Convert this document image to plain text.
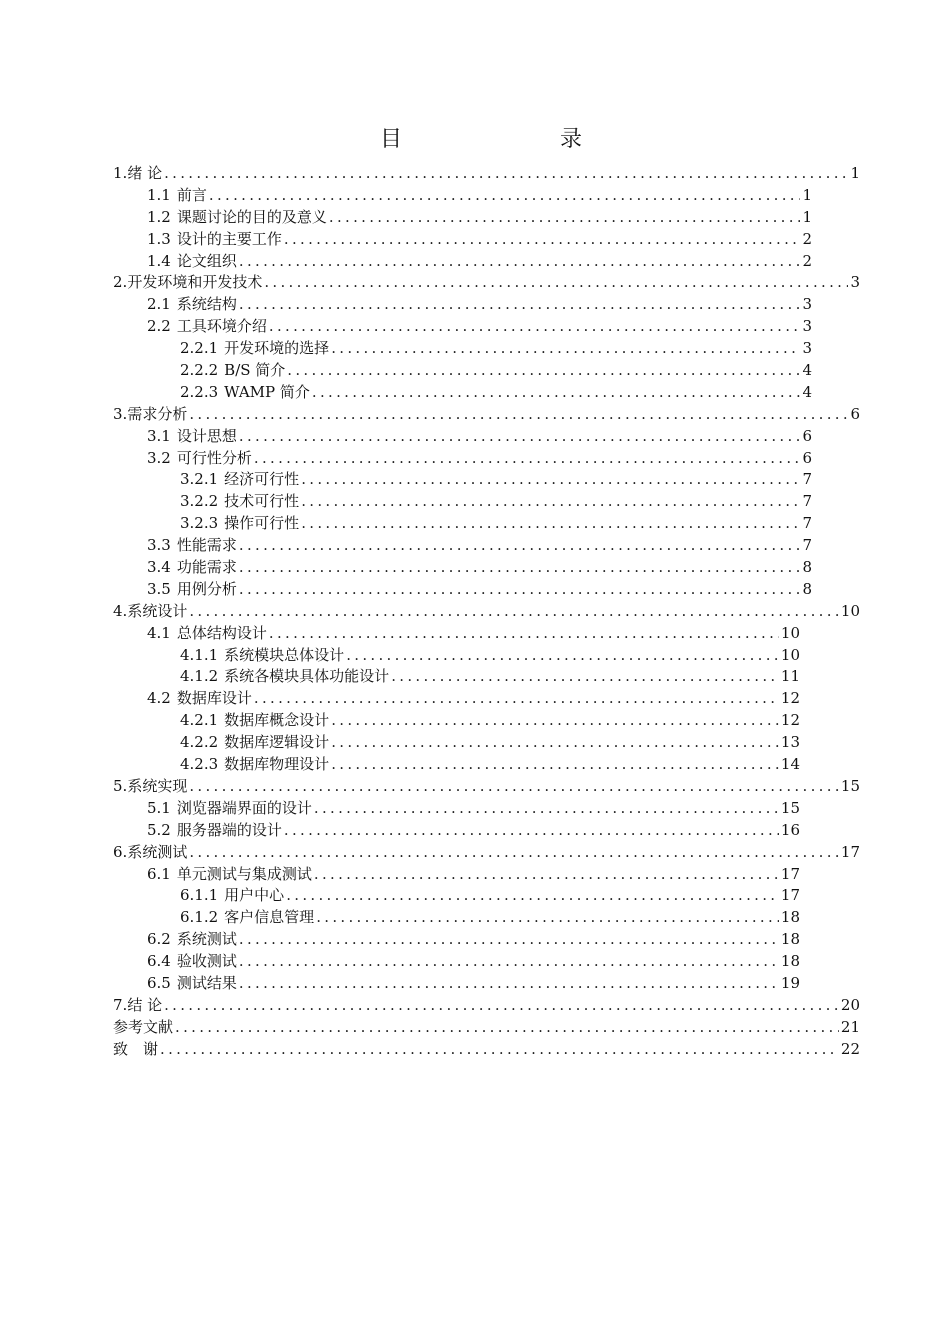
目　　录
1. 绪 论 .....	1
1.1 前言 .....	1
1.2 课题讨论的目的及意义 .....	1
1.3 设计的主要工作 .....	2
1.4 论文组织 .....	2
2. 开发环境和开发技术 .....	3
2.1 系统结构 .....	3
2.2 工具环境介绍 .....	3
2.2.1 开发环境的选择 .....	3
2.2.2 B/S 简介 .....	4
2.2.3 WAMP 简介 .....	4
3. 需求分析 .....	6
3.1 设计思想 .....	6
3.2 可行性分析 .....	6
3.2.1 经济可行性 .....	7
3.2.2 技术可行性 .....	7
3.2.3 操作可行性 .....	7
3.3 性能需求 .....	7
3.4 功能需求 .....	8
3.5 用例分析 .....	8
4. 系统设计 .....	10
4.1 总体结构设计 .....	10
4.1.1 系统模块总体设计 .....	10
4.1.2 系统各模块具体功能设计 .....	11
4.2 数据库设计 .....	12
4.2.1 数据库概念设计 .....	12
4.2.2 数据库逻辑设计 .....	13
4.2.3 数据库物理设计 .....	14
5. 系统实现 .....	15
5.1 浏览器端界面的设计 .....	15
5.2 服务器端的设计 .....	16
6. 系统测试 .....	17
6.1 单元测试与集成测试 .....	17
6.1.1 用户中心 .....	17
6.1.2 客户信息管理 .....	18
6.2 系统测试 .....	18
6.4 验收测试 .....	18
6.5 测试结果 .....	19
7. 结 论 .....	20
参考文献 .....	21
致　谢 .....	22
